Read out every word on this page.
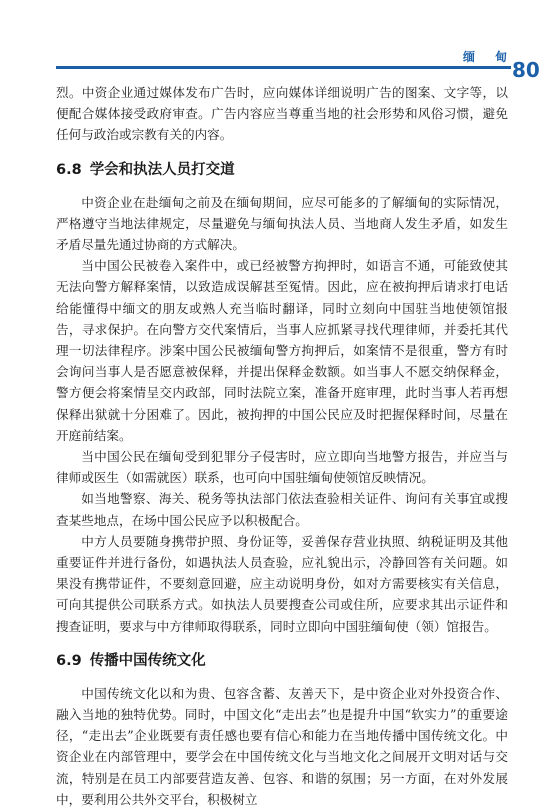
缅 甸
80

烈。中资企业通过媒体发布广告时，应向媒体详细说明广告的图案、文字等，以便配合媒体接受政府审查。广告内容应当尊重当地的社会形势和风俗习惯，避免任何与政治或宗教有关的内容。

6.8 学会和执法人员打交道

中资企业在赴缅甸之前及在缅甸期间，应尽可能多的了解缅甸的实际情况，严格遵守当地法律规定，尽量避免与缅甸执法人员、当地商人发生矛盾，如发生矛盾尽量先通过协商的方式解决。

当中国公民被卷入案件中，或已经被警方拘押时，如语言不通，可能致使其无法向警方解释案情，以致造成误解甚至冤情。因此，应在被拘押后请求打电话给能懂得中缅文的朋友或熟人充当临时翻译，同时立刻向中国驻当地使领馆报告，寻求保护。在向警方交代案情后，当事人应抓紧寻找代理律师，并委托其代理一切法律程序。涉案中国公民被缅甸警方拘押后，如案情不是很重，警方有时会询问当事人是否愿意被保释，并提出保释金数额。如当事人不愿交纳保释金，警方便会将案情呈交内政部，同时法院立案，准备开庭审理，此时当事人若再想保释出狱就十分困难了。因此，被拘押的中国公民应及时把握保释时间，尽量在开庭前结案。

当中国公民在缅甸受到犯罪分子侵害时，应立即向当地警方报告，并应当与律师或医生（如需就医）联系，也可向中国驻缅甸使领馆反映情况。

如当地警察、海关、税务等执法部门依法查验相关证件、询问有关事宜或搜查某些地点，在场中国公民应予以积极配合。

中方人员要随身携带护照、身份证等，妥善保存营业执照、纳税证明及其他重要证件并进行备份，如遇执法人员查验，应礼貌出示，冷静回答有关问题。如果没有携带证件，不要刻意回避，应主动说明身份，如对方需要核实有关信息，可向其提供公司联系方式。如执法人员要搜查公司或住所，应要求其出示证件和搜查证明，要求与中方律师取得联系，同时立即向中国驻缅甸使（领）馆报告。

6.9 传播中国传统文化

中国传统文化以和为贵、包容含蓄、友善天下，是中资企业对外投资合作、融入当地的独特优势。同时，中国文化“走出去”也是提升中国“软实力”的重要途径，“走出去”企业既要有责任感也要有信心和能力在当地传播中国传统文化。中资企业在内部管理中，要学会在中国传统文化与当地文化之间展开文明对话与交流，特别是在员工内部要营造友善、包容、和谐的氛围；另一方面，在对外发展中，要利用公共外交平台，积极树立
